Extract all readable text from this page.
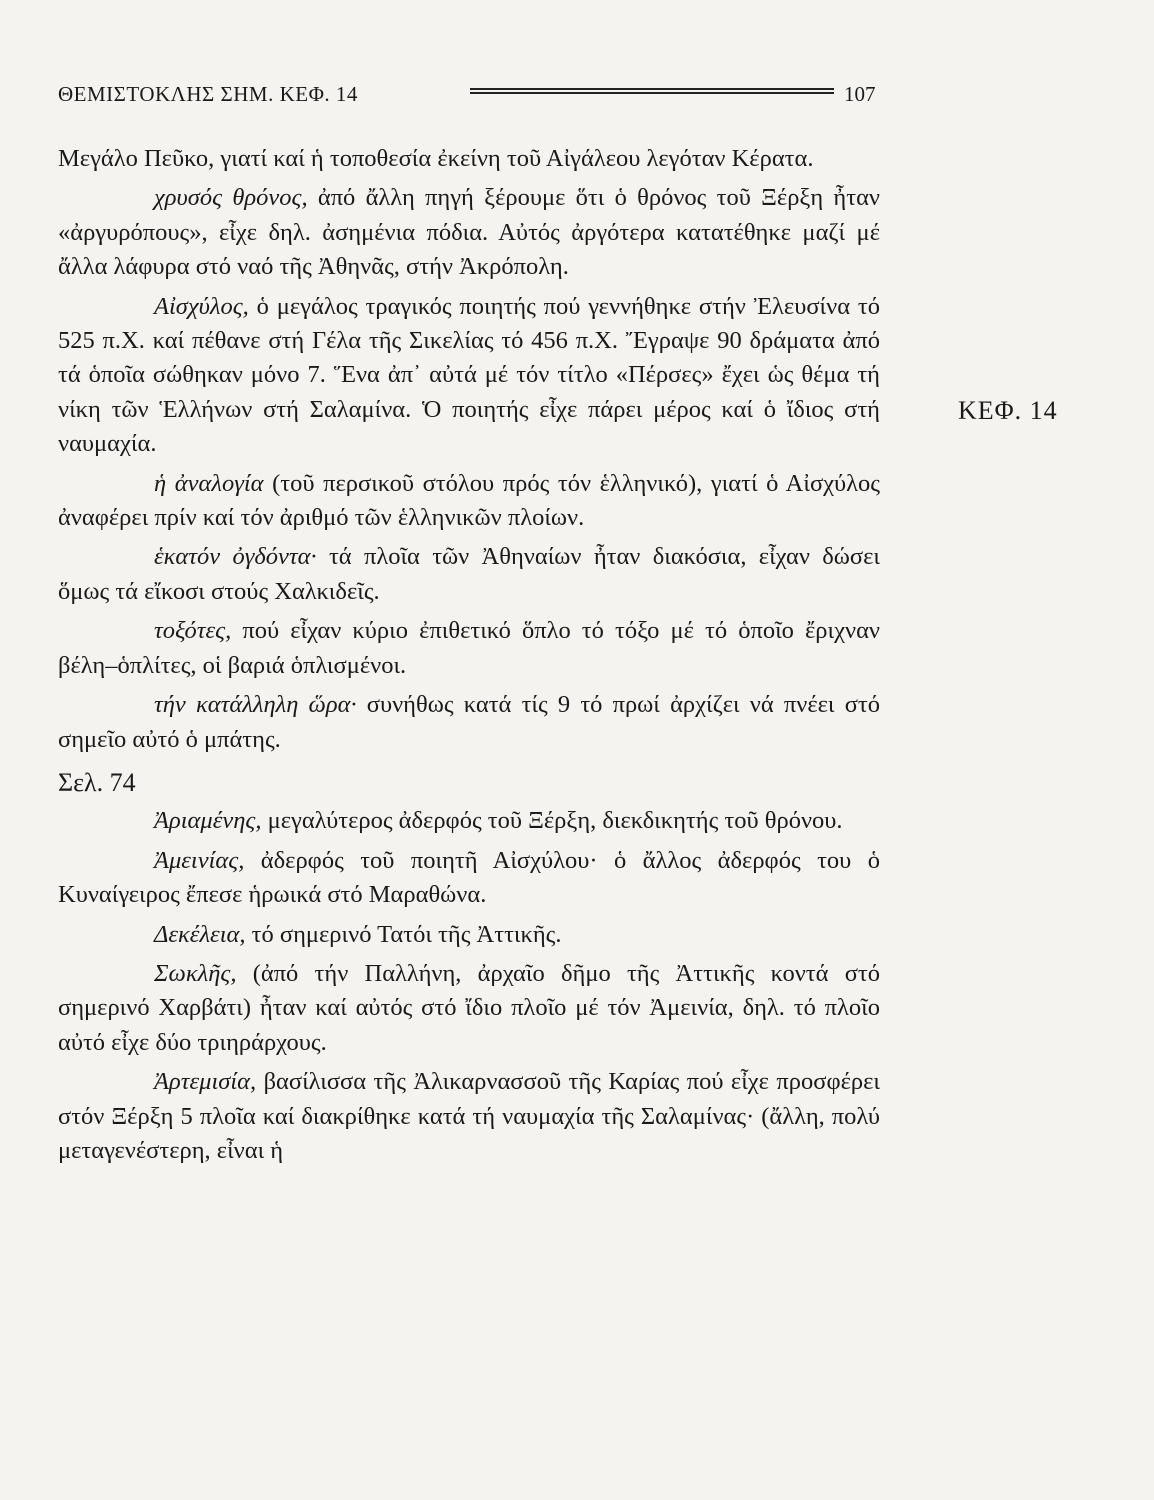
ΘΕΜΙΣΤΟΚΛΗΣ ΣΗΜ. ΚΕΦ. 14	107
ΚΕΦ. 14

Μεγάλο Πεῦκο, γιατί καί ἡ τοποθεσία ἐκείνη τοῦ Αἰγάλεου λεγόταν Κέρατα.

χρυσός θρόνος, ἀπό ἄλλη πηγή ξέρουμε ὅτι ὁ θρόνος τοῦ Ξέρξη ἦταν «ἀργυρόπους», εἶχε δηλ. ἀσημένια πόδια. Αὐτός ἀργότερα κατατέθηκε μαζί μέ ἄλλα λάφυρα στό ναό τῆς Ἀθηνᾶς, στήν Ἀκρόπολη.

Αἰσχύλος, ὁ μεγάλος τραγικός ποιητής πού γεννήθηκε στήν Ἐλευσίνα τό 525 π.Χ. καί πέθανε στή Γέλα τῆς Σικελίας τό 456 π.Χ. Ἔγραψε 90 δράματα ἀπό τά ὁποῖα σώθηκαν μόνο 7. Ἕνα ἀπ᾽ αὐτά μέ τόν τίτλο «Πέρσες» ἔχει ὡς θέμα τή νίκη τῶν Ἑλλήνων στή Σαλαμίνα. Ὁ ποιητής εἶχε πάρει μέρος καί ὁ ἴδιος στή ναυμαχία.

ἡ ἀναλογία (τοῦ περσικοῦ στόλου πρός τόν ἑλληνικό), γιατί ὁ Αἰσχύλος ἀναφέρει πρίν καί τόν ἀριθμό τῶν ἑλληνικῶν πλοίων.

ἑκατόν ὀγδόντα· τά πλοῖα τῶν Ἀθηναίων ἦταν διακόσια, εἶχαν δώσει ὅμως τά εἴκοσι στούς Χαλκιδεῖς.

τοξότες, πού εἶχαν κύριο ἐπιθετικό ὅπλο τό τόξο μέ τό ὁποῖο ἔριχναν βέλη–ὁπλίτες, οἱ βαριά ὁπλισμένοι.

τήν κατάλληλη ὥρα· συνήθως κατά τίς 9 τό πρωί ἀρχίζει νά πνέει στό σημεῖο αὐτό ὁ μπάτης.

Σελ. 74

Ἀριαμένης, μεγαλύτερος ἀδερφός τοῦ Ξέρξη, διεκδικητής τοῦ θρόνου.

Ἀμεινίας, ἀδερφός τοῦ ποιητῆ Αἰσχύλου· ὁ ἄλλος ἀδερφός του ὁ Κυναίγειρος ἔπεσε ἡρωικά στό Μαραθώνα.

Δεκέλεια, τό σημερινό Τατόι τῆς Ἀττικῆς.

Σωκλῆς, (ἀπό τήν Παλλήνη, ἀρχαῖο δῆμο τῆς Ἀττικῆς κοντά στό σημερινό Χαρβάτι) ἦταν καί αὐτός στό ἴδιο πλοῖο μέ τόν Ἀμεινία, δηλ. τό πλοῖο αὐτό εἶχε δύο τριηράρχους.

Ἀρτεμισία, βασίλισσα τῆς Ἀλικαρνασσοῦ τῆς Καρίας πού εἶχε προσφέρει στόν Ξέρξη 5 πλοῖα καί διακρίθηκε κατά τή ναυμαχία τῆς Σαλαμίνας· (ἄλλη, πολύ μεταγενέστερη, εἶναι ἡ
